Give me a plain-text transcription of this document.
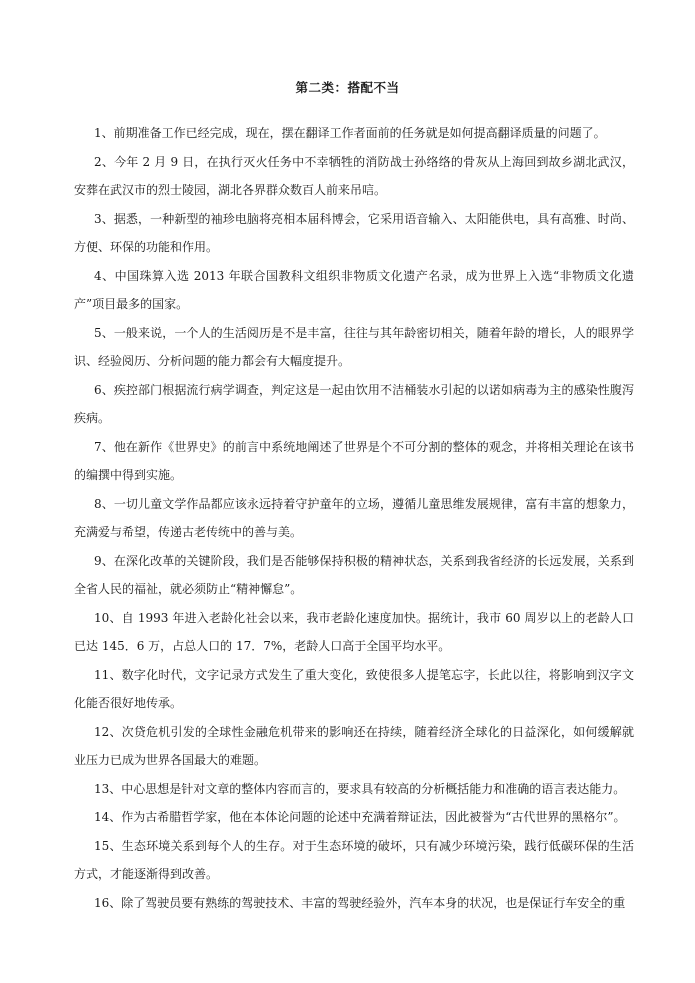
第二类：搭配不当
1、前期准备工作已经完成，现在，摆在翻译工作者面前的任务就是如何提高翻译质量的问题了。
2、今年 2 月 9 日，在执行灭火任务中不幸牺牲的消防战士孙络络的骨灰从上海回到故乡湖北武汉，安葬在武汉市的烈士陵园，湖北各界群众数百人前来吊唁。
3、据悉，一种新型的袖珍电脑将亮相本届科博会，它采用语音输入、太阳能供电，具有高雅、时尚、方便、环保的功能和作用。
4、中国珠算入选 2013 年联合国教科文组织非物质文化遗产名录，成为世界上入选“非物质文化遗产”项目最多的国家。
5、一般来说，一个人的生活阅历是不是丰富，往往与其年龄密切相关，随着年龄的增长，人的眼界学识、经验阅历、分析问题的能力都会有大幅度提升。
6、疾控部门根据流行病学调查，判定这是一起由饮用不洁桶装水引起的以诺如病毒为主的感染性腹泻疾病。
7、他在新作《世界史》的前言中系统地阐述了世界是个不可分割的整体的观念，并将相关理论在该书的编撰中得到实施。
8、一切儿童文学作品都应该永远持着守护童年的立场，遵循儿童思维发展规律，富有丰富的想象力，充满爱与希望，传递古老传统中的善与美。
9、在深化改革的关键阶段，我们是否能够保持积极的精神状态，关系到我省经济的长远发展，关系到全省人民的福祉，就必须防止“精神懈怠”。
10、自 1993 年进入老龄化社会以来，我市老龄化速度加快。据统计，我市 60 周岁以上的老龄人口已达 145．6 万，占总人口的 17．7%，老龄人口高于全国平均水平。
11、数字化时代，文字记录方式发生了重大变化，致使很多人提笔忘字，长此以往，将影响到汉字文化能否很好地传承。
12、次贷危机引发的全球性金融危机带来的影响还在持续，随着经济全球化的日益深化，如何缓解就业压力已成为世界各国最大的难题。
13、中心思想是针对文章的整体内容而言的，要求具有较高的分析概括能力和准确的语言表达能力。
14、作为古希腊哲学家，他在本体论问题的论述中充满着辩证法，因此被誉为“古代世界的黑格尔”。
15、生态环境关系到每个人的生存。对于生态环境的破坏，只有减少环境污染，践行低碳环保的生活方式，才能逐渐得到改善。
16、除了驾驶员要有熟练的驾驶技术、丰富的驾驶经验外，汽车本身的状况，也是保证行车安全的重
